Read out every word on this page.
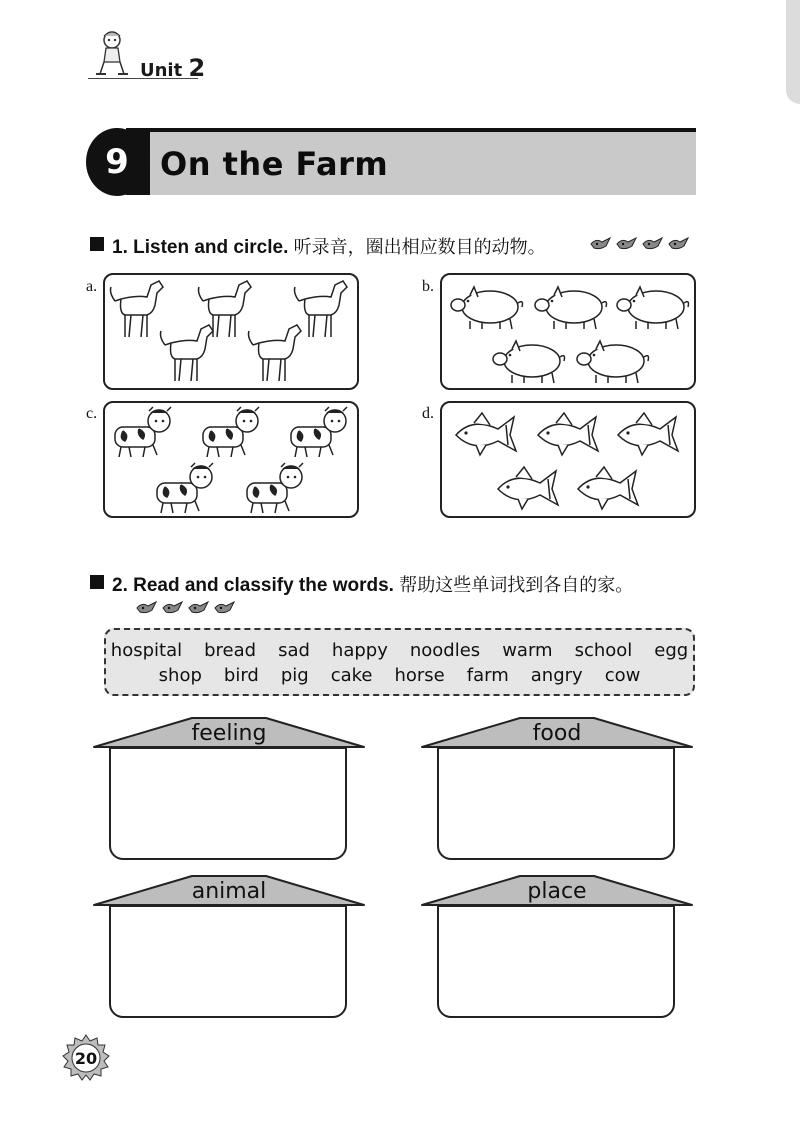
Unit 2
9 On the Farm
1. Listen and circle. 听录音，圈出相应数目的动物。
a.	b.
c.	d.
2. Read and classify the words. 帮助这些单词找到各自的家。
hospital bread sad happy noodles warm school egg
shop bird pig cake horse farm angry cow
feeling	food
animal	place
20
